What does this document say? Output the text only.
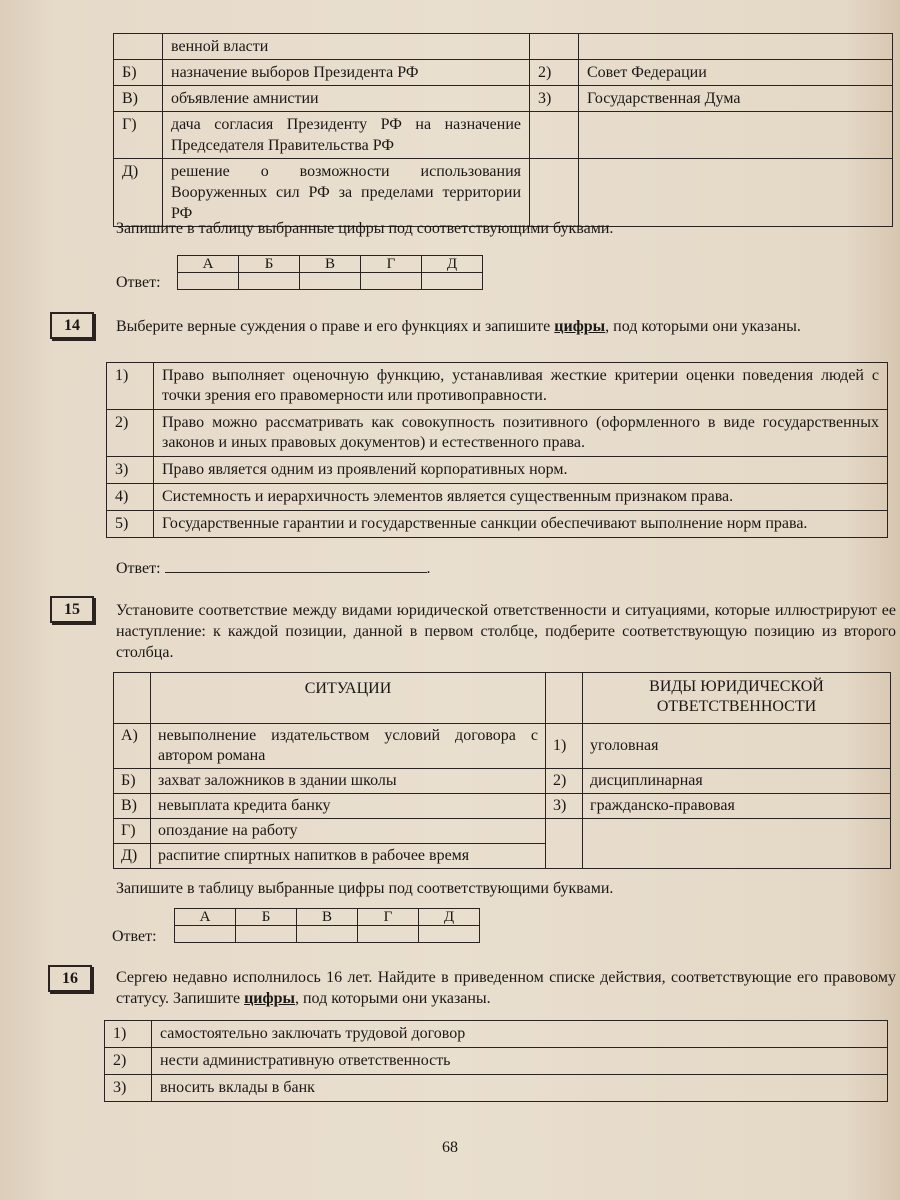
	венной власти		
Б)	назначение выборов Президента РФ	2)	Совет Федерации
В)	объявление амнистии	3)	Государственная Дума
Г)	дача согласия Президенту РФ на назначение Председателя Правительства РФ		
Д)	решение о возможности использования Вооруженных сил РФ за пределами территории РФ		
Запишите в таблицу выбранные цифры под соответствующими буквами.
Ответ:
А	Б	В	Г	Д

14	Выберите верные суждения о праве и его функциях и запишите цифры, под которыми они указаны.
1)	Право выполняет оценочную функцию, устанавливая жесткие критерии оценки поведения людей с точки зрения его правомерности или противоправности.
2)	Право можно рассматривать как совокупность позитивного (оформленного в виде государственных законов и иных правовых документов) и естественного права.
3)	Право является одним из проявлений корпоративных норм.
4)	Системность и иерархичность элементов является существенным признаком права.
5)	Государственные гарантии и государственные санкции обеспечивают выполнение норм права.
Ответ:	.
15	Установите соответствие между видами юридической ответственности и ситуациями, которые иллюстрируют ее наступление: к каждой позиции, данной в первом столбце, подберите соответствующую позицию из второго столбца.
	СИТУАЦИИ		ВИДЫ ЮРИДИЧЕСКОЙ ОТВЕТСТВЕННОСТИ
А)	невыполнение издательством условий договора с автором романа	1)	уголовная
Б)	захват заложников в здании школы	2)	дисциплинарная
В)	невыплата кредита банку	3)	гражданско-правовая
Г)	опоздание на работу		
Д)	распитие спиртных напитков в рабочее время		
Запишите в таблицу выбранные цифры под соответствующими буквами.
Ответ:
А	Б	В	Г	Д

16	Сергею недавно исполнилось 16 лет. Найдите в приведенном списке действия, соответствующие его правовому статусу. Запишите цифры, под которыми они указаны.
1)	самостоятельно заключать трудовой договор
2)	нести административную ответственность
3)	вносить вклады в банк
68
